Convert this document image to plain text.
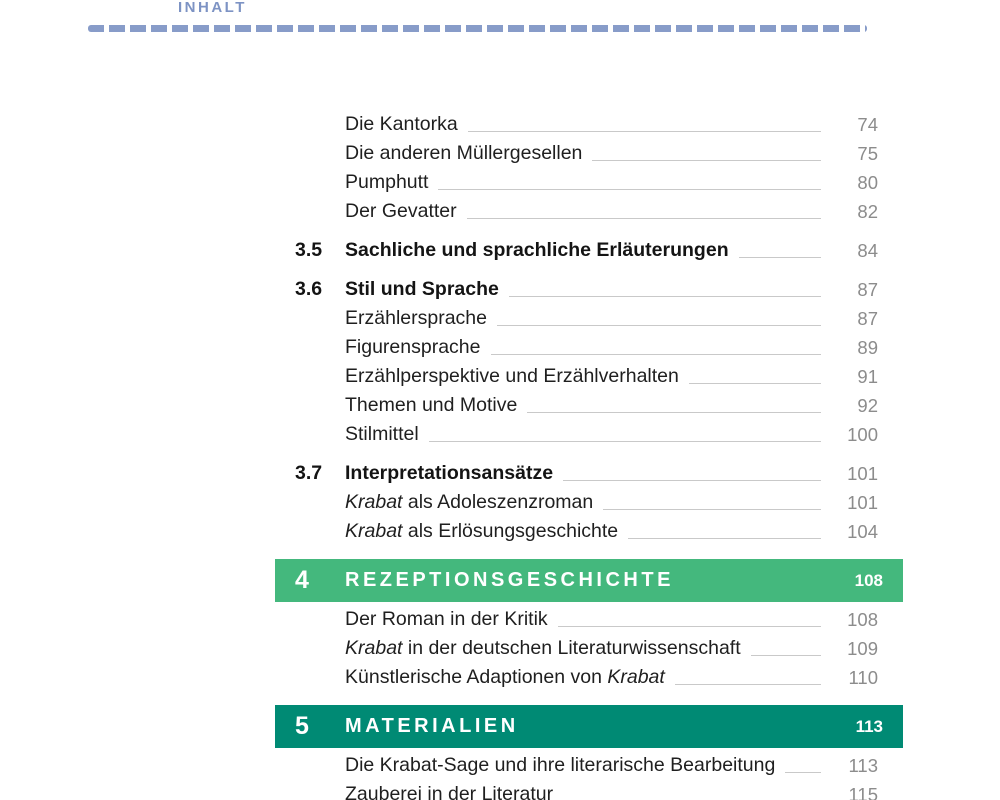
INHALT
Die Kantorka	74
Die anderen Müllergesellen	75
Pumphutt	80
Der Gevatter	82
3.5	Sachliche und sprachliche Erläuterungen	84
3.6	Stil und Sprache	87
Erzählersprache	87
Figurensprache	89
Erzählperspektive und Erzählverhalten	91
Themen und Motive	92
Stilmittel	100
3.7	Interpretationsansätze	101
Krabat als Adoleszenzroman	101
Krabat als Erlösungsgeschichte	104
4	REZEPTIONSGESCHICHTE	108
Der Roman in der Kritik	108
Krabat in der deutschen Literaturwissenschaft	109
Künstlerische Adaptionen von Krabat	110
5	MATERIALIEN	113
Die Krabat-Sage und ihre literarische Bearbeitung	113
Zauberei in der Literatur	115
